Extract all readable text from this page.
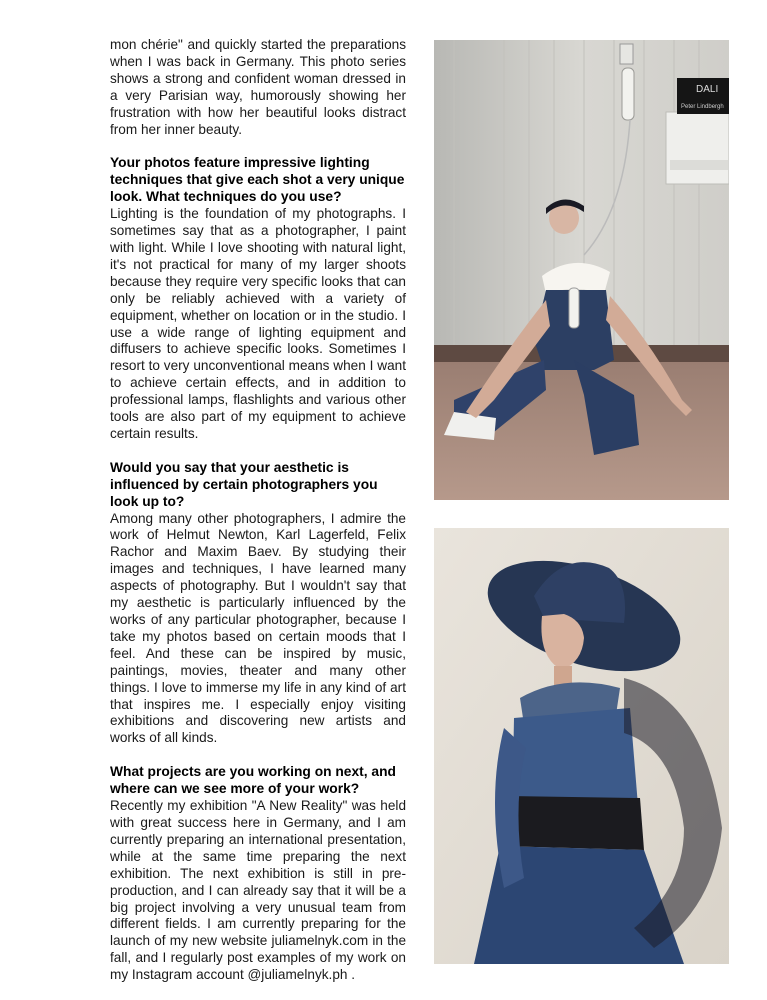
mon chérie" and quickly started the preparations when I was back in Germany. This photo series shows a strong and confident woman dressed in a very Parisian way, humorously showing her frustration with how her beautiful looks distract from her inner beauty.

Your photos feature impressive lighting techniques that give each shot a very unique look. What techniques do you use?

Lighting is the foundation of my photographs. I sometimes say that as a photographer, I paint with light. While I love shooting with natural light, it's not practical for many of my larger shoots because they require very specific looks that can only be reliably achieved with a variety of equipment, whether on location or in the studio. I use a wide range of lighting equipment and diffusers to achieve specific looks. Sometimes I resort to very unconventional means when I want to achieve certain effects, and in addition to professional lamps, flashlights and various other tools are also part of my equipment to achieve certain results.

Would you say that your aesthetic is influenced by certain photographers you look up to?

Among many other photographers, I admire the work of Helmut Newton, Karl Lagerfeld, Felix Rachor and Maxim Baev. By studying their images and techniques, I have learned many aspects of photography. But I wouldn't say that my aesthetic is particularly influenced by the works of any particular photographer, because I take my photos based on certain moods that I feel. And these can be inspired by music, paintings, movies, theater and many other things. I love to immerse my life in any kind of art that inspires me. I especially enjoy visiting exhibitions and discovering new artists and works of all kinds.

What projects are you working on next, and where can we see more of your work?

Recently my exhibition "A New Reality" was held with great success here in Germany, and I am currently preparing an international presentation, while at the same time preparing the next exhibition. The next exhibition is still in pre-production, and I can already say that it will be a big project involving a very unusual team from different fields. I am currently preparing for the launch of my new website juliamelnyk.com in the fall, and I regularly post examples of my work on my Instagram account @juliamelnyk.ph .

DALI
Peter Lindbergh
